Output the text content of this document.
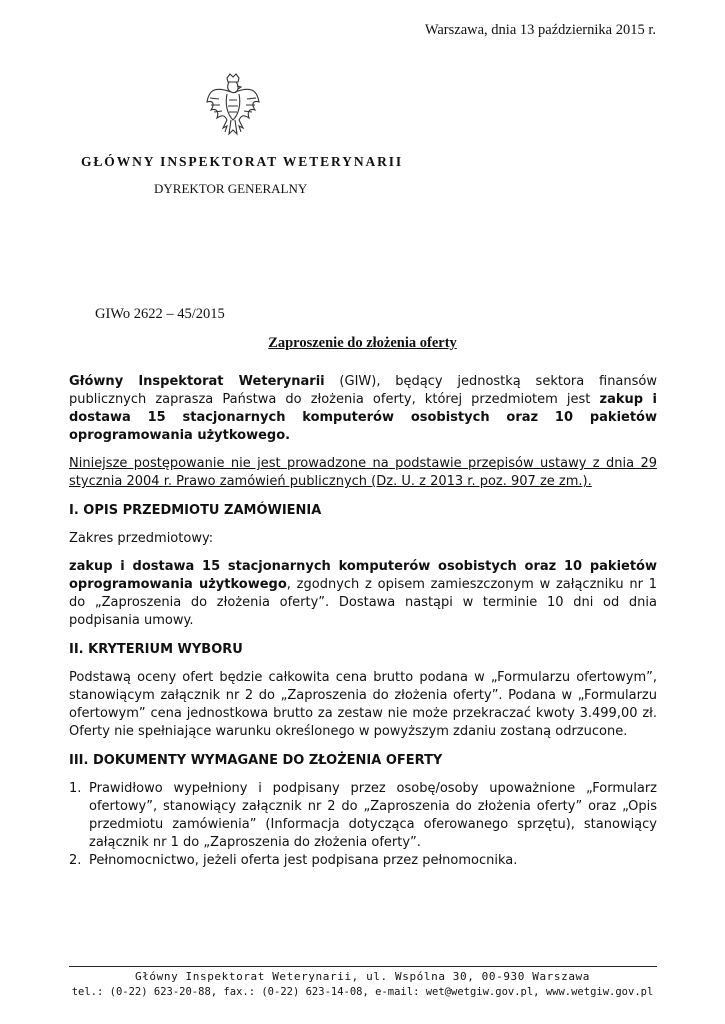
Warszawa, dnia 13 października 2015 r.
GŁÓWNY INSPEKTORAT WETERYNARII
DYREKTOR GENERALNY
GIWo 2622 – 45/2015
Zaproszenie do złożenia oferty

Główny Inspektorat Weterynarii (GIW), będący jednostką sektora finansów publicznych zaprasza Państwa do złożenia oferty, której przedmiotem jest zakup i dostawa 15 stacjonarnych komputerów osobistych oraz 10 pakietów oprogramowania użytkowego.

Niniejsze postępowanie nie jest prowadzone na podstawie przepisów ustawy z dnia 29 stycznia 2004 r. Prawo zamówień publicznych (Dz. U. z 2013 r. poz. 907 ze zm.).

I. OPIS PRZEDMIOTU ZAMÓWIENIA

Zakres przedmiotowy:

zakup i dostawa 15 stacjonarnych komputerów osobistych oraz 10 pakietów oprogramowania użytkowego, zgodnych z opisem zamieszczonym w załączniku nr 1 do „Zaproszenia do złożenia oferty”. Dostawa nastąpi w terminie 10 dni od dnia podpisania umowy.

II. KRYTERIUM WYBORU

Podstawą oceny ofert będzie całkowita cena brutto podana w „Formularzu ofertowym”, stanowiącym załącznik nr 2 do „Zaproszenia do złożenia oferty”. Podana w „Formularzu ofertowym” cena jednostkowa brutto za zestaw nie może przekraczać kwoty 3.499,00 zł. Oferty nie spełniające warunku określonego w powyższym zdaniu zostaną odrzucone.

III. DOKUMENTY WYMAGANE DO ZŁOŻENIA OFERTY
1. Prawidłowo wypełniony i podpisany przez osobę/osoby upoważnione „Formularz ofertowy”, stanowiący załącznik nr 2 do „Zaproszenia do złożenia oferty” oraz „Opis przedmiotu zamówienia” (Informacja dotycząca oferowanego sprzętu), stanowiący załącznik nr 1 do „Zaproszenia do złożenia oferty”.
2. Pełnomocnictwo, jeżeli oferta jest podpisana przez pełnomocnika.
Główny Inspektorat Weterynarii, ul. Wspólna 30, 00-930 Warszawa
tel.: (0-22) 623-20-88, fax.: (0-22) 623-14-08, e-mail: wet@wetgiw.gov.pl, www.wetgiw.gov.pl
